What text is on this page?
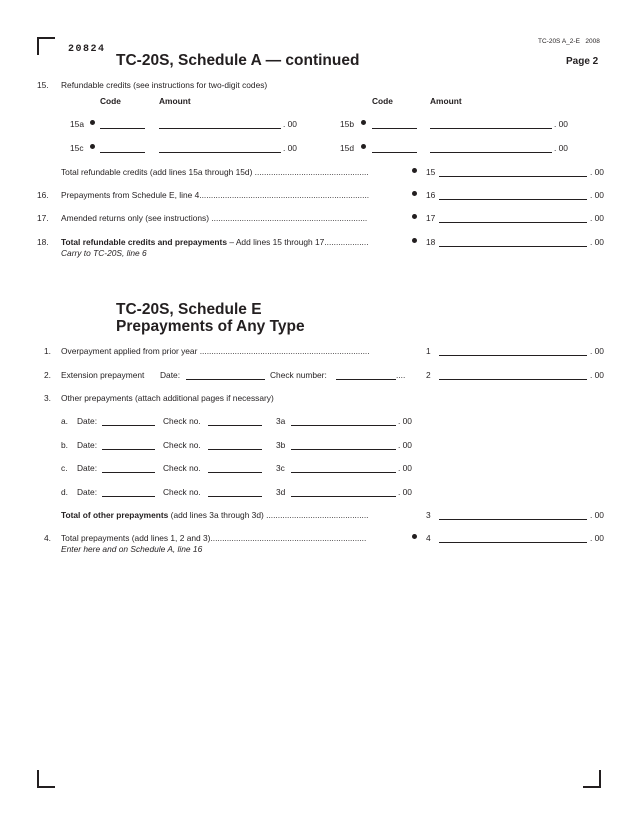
TC-20S A_2-E 2008
20824
TC-20S, Schedule A — continued	Page 2
15. Refundable credits (see instructions for two-digit codes)
Code	Amount	Code	Amount
15a	. 00	15b	. 00
15c	. 00	15d	. 00
Total refundable credits (add lines 15a through 15d) .................................................	15	. 00
16. Prepayments from Schedule E, line 4.........................................................................	16	. 00
17. Amended returns only (see instructions) ...................................................................	17	. 00
18. Total refundable credits and prepayments – Add lines 15 through 17...................
Carry to TC-20S, line 6
18	. 00
TC-20S, Schedule E
Prepayments of Any Type
1. Overpayment applied from prior year .........................................................................	1	. 00
2. Extension prepayment Date:	Check number:	.... 2	. 00
3. Other prepayments (attach additional pages if necessary)
a. Date:	Check no.	3a	. 00
b. Date:	Check no.	3b	. 00
c. Date:	Check no.	3c	. 00
d. Date:	Check no.	3d	. 00
Total of other prepayments (add lines 3a through 3d) ............................................	3	. 00
4. Total prepayments (add lines 1, 2 and 3)...................................................................
Enter here and on Schedule A, line 16
4	. 00
